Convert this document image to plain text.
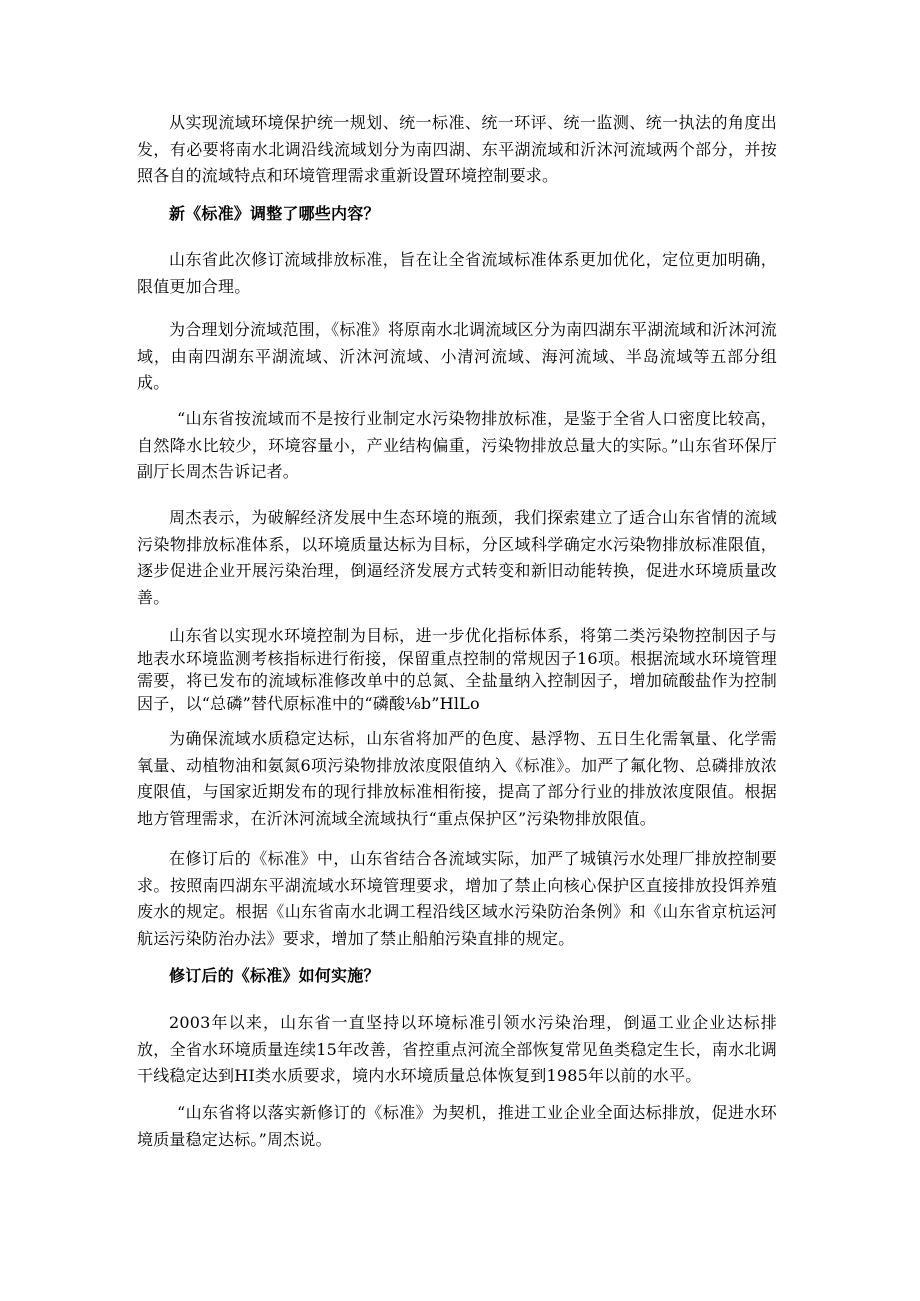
从实现流域环境保护统一规划、统一标准、统一环评、统一监测、统一执法的角度出发，有必要将南水北调沿线流域划分为南四湖、东平湖流域和沂沐河流域两个部分，并按照各自的流域特点和环境管理需求重新设置环境控制要求。

新《标准》调整了哪些内容？

山东省此次修订流域排放标准，旨在让全省流域标准体系更加优化，定位更加明确，限值更加合理。

为合理划分流域范围，《标准》将原南水北调流域区分为南四湖东平湖流域和沂沐河流域，由南四湖东平湖流域、沂沐河流域、小清河流域、海河流域、半岛流域等五部分组成。

“山东省按流域而不是按行业制定水污染物排放标准，是鉴于全省人口密度比较高，自然降水比较少，环境容量小，产业结构偏重，污染物排放总量大的实际。”山东省环保厅副厅长周杰告诉记者。

周杰表示，为破解经济发展中生态环境的瓶颈，我们探索建立了适合山东省情的流域污染物排放标准体系，以环境质量达标为目标，分区域科学确定水污染物排放标准限值，逐步促进企业开展污染治理，倒逼经济发展方式转变和新旧动能转换，促进水环境质量改善。

山东省以实现水环境控制为目标，进一步优化指标体系，将第二类污染物控制因子与地表水环境监测考核指标进行衔接，保留重点控制的常规因子16项。根据流域水环境管理需要，将已发布的流域标准修改单中的总氮、全盐量纳入控制因子，增加硫酸盐作为控制因子，以“总磷”替代原标准中的“磷酸⅛b”HlLo

为确保流域水质稳定达标，山东省将加严的色度、悬浮物、五日生化需氧量、化学需氧量、动植物油和氨氮6项污染物排放浓度限值纳入《标准》。加严了氟化物、总磷排放浓度限值，与国家近期发布的现行排放标准相衔接，提高了部分行业的排放浓度限值。根据地方管理需求，在沂沐河流域全流域执行“重点保护区”污染物排放限值。

在修订后的《标准》中，山东省结合各流域实际，加严了城镇污水处理厂排放控制要求。按照南四湖东平湖流域水环境管理要求，增加了禁止向核心保护区直接排放投饵养殖废水的规定。根据《山东省南水北调工程沿线区域水污染防治条例》和《山东省京杭运河航运污染防治办法》要求，增加了禁止船舶污染直排的规定。

修订后的《标准》如何实施？

2003年以来，山东省一直坚持以环境标准引领水污染治理，倒逼工业企业达标排放，全省水环境质量连续15年改善，省控重点河流全部恢复常见鱼类稳定生长，南水北调干线稳定达到HI类水质要求，境内水环境质量总体恢复到1985年以前的水平。

“山东省将以落实新修订的《标准》为契机，推进工业企业全面达标排放，促进水环境质量稳定达标。”周杰说。
